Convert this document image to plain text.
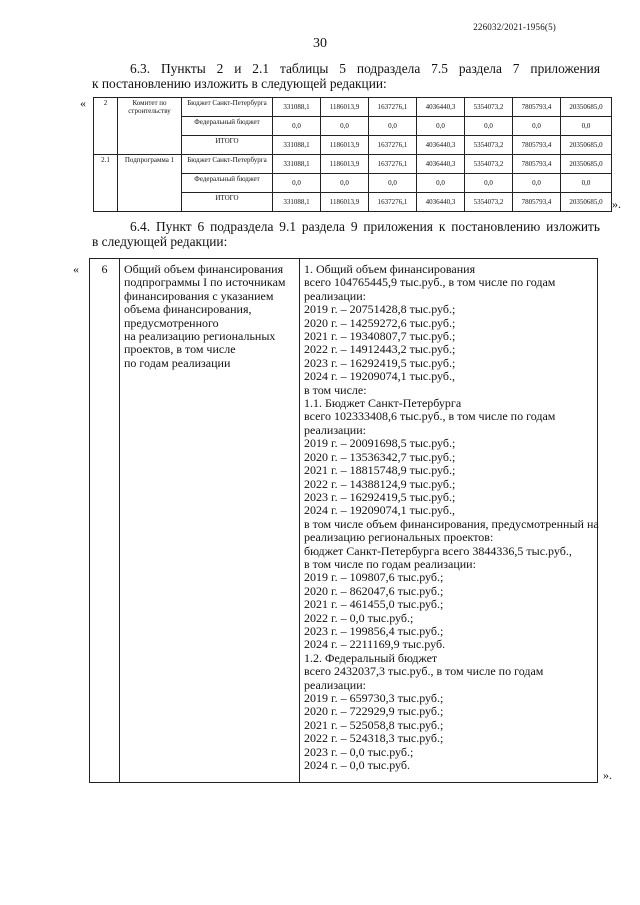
226032/2021-1956(5)
30
6.3. Пункты 2 и 2.1 таблицы 5 подраздела 7.5 раздела 7 приложения
к постановлению изложить в следующей редакции:
«	2	Комитет по строительству	Бюджет Санкт-Петербурга	331088,1	1186013,9	1637276,1	4036440,3	5354073,2	7805793,4	20350685,0
		Федеральный бюджет	0,0	0,0	0,0	0,0	0,0	0,0	0,0
		ИТОГО	331088,1	1186013,9	1637276,1	4036440,3	5354073,2	7805793,4	20350685,0
2.1	Подпрограмма 1	Бюджет Санкт-Петербурга	331088,1	1186013,9	1637276,1	4036440,3	5354073,2	7805793,4	20350685,0
		Федеральный бюджет	0,0	0,0	0,0	0,0	0,0	0,0	0,0
		ИТОГО	331088,1	1186013,9	1637276,1	4036440,3	5354073,2	7805793,4	20350685,0 ».
6.4. Пункт 6 подраздела 9.1 раздела 9 приложения к постановлению изложить
в следующей редакции:
« 6	Общий объем финансирования
подпрограммы I по источникам
финансирования с указанием
объема финансирования,
предусмотренного
на реализацию региональных
проектов, в том числе
по годам реализации

1. Общий объем финансирования
всего 104765445,9 тыс.руб., в том числе по годам
реализации:
2019 г. – 20751428,8 тыс.руб.;
2020 г. – 14259272,6 тыс.руб.;
2021 г. – 19340807,7 тыс.руб.;
2022 г. – 14912443,2 тыс.руб.;
2023 г. – 16292419,5 тыс.руб.;
2024 г. – 19209074,1 тыс.руб.,
в том числе:
1.1. Бюджет Санкт-Петербурга
всего 102333408,6 тыс.руб., в том числе по годам
реализации:
2019 г. – 20091698,5 тыс.руб.;
2020 г. – 13536342,7 тыс.руб.;
2021 г. – 18815748,9 тыс.руб.;
2022 г. – 14388124,9 тыс.руб.;
2023 г. – 16292419,5 тыс.руб.;
2024 г. – 19209074,1 тыс.руб.,
в том числе объем финансирования, предусмотренный на
реализацию региональных проектов:
бюджет Санкт-Петербурга всего 3844336,5 тыс.руб.,
в том числе по годам реализации:
2019 г. – 109807,6 тыс.руб.;
2020 г. – 862047,6 тыс.руб.;
2021 г. – 461455,0 тыс.руб.;
2022 г. – 0,0 тыс.руб.;
2023 г. – 199856,4 тыс.руб.;
2024 г. – 2211169,9 тыс.руб.
1.2. Федеральный бюджет
всего 2432037,3 тыс.руб., в том числе по годам
реализации:
2019 г. – 659730,3 тыс.руб.;
2020 г. – 722929,9 тыс.руб.;
2021 г. – 525058,8 тыс.руб.;
2022 г. – 524318,3 тыс.руб.;
2023 г. – 0,0 тыс.руб.;
2024 г. – 0,0 тыс.руб.
».
